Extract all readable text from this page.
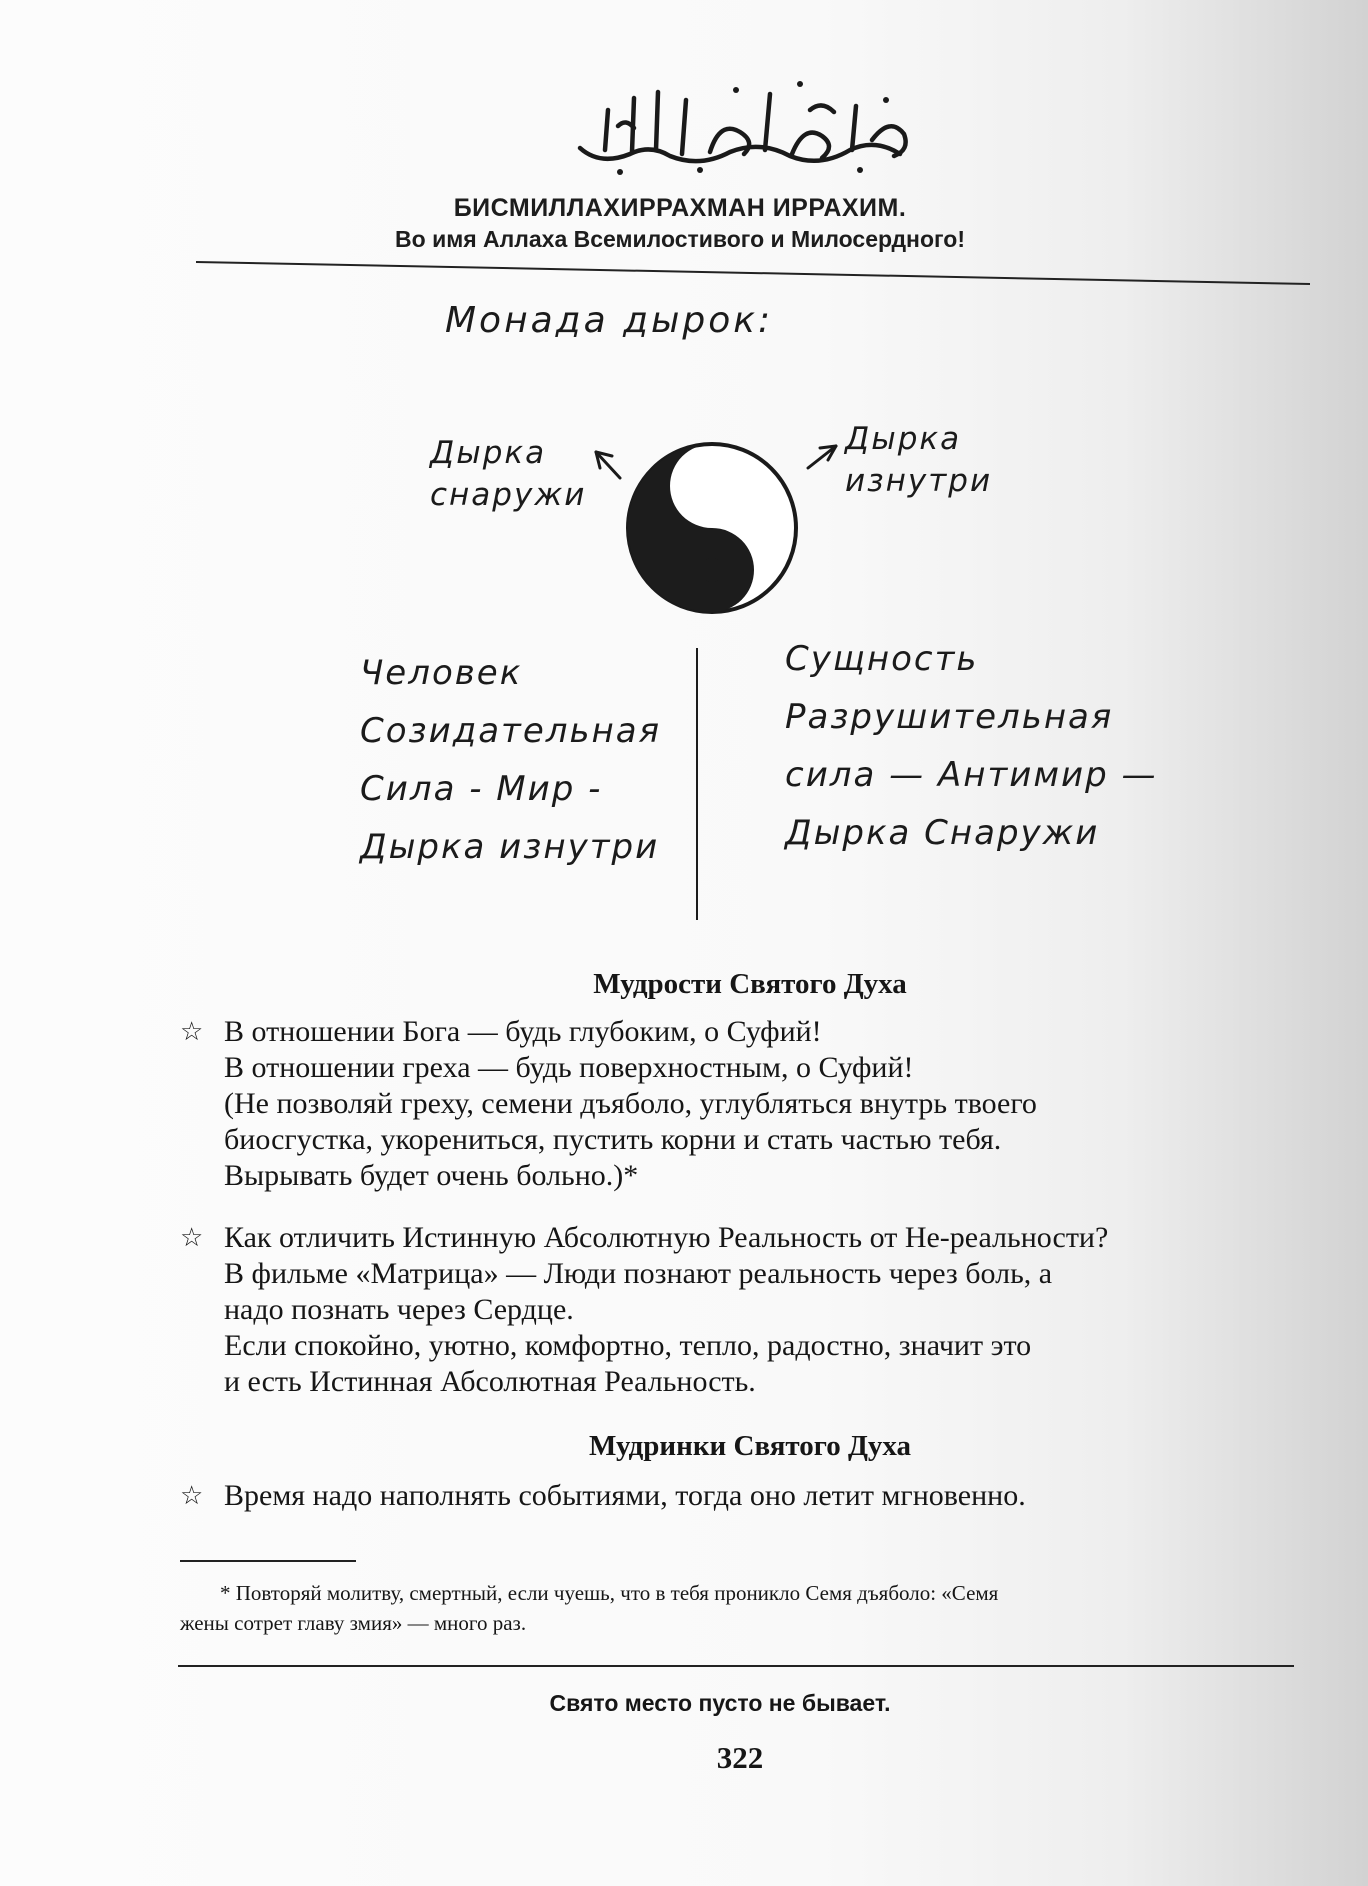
БИСМИЛЛАХИРРАХМАН ИРРАХИМ.
Во имя Аллаха Всемилостивого и Милосердного!
Монада дырок:
Дырка
снаружи
Дырка
изнутри
Человек
Созидательная
Сила - Мир -
Дырка изнутри
Сущность
Разрушительная
сила — Антимир —
Дырка Снаружи
Мудрости Святого Духа
☆ В отношении Бога — будь глубоким, о Суфий!
В отношении греха — будь поверхностным, о Суфий!
(Не позволяй греху, семени дъяболо, углубляться внутрь твоего
биосгустка, укорениться, пустить корни и стать частью тебя.
Вырывать будет очень больно.)*
☆ Как отличить Истинную Абсолютную Реальность от Не-реальности?
В фильме «Матрица» — Люди познают реальность через боль, а
надо познать через Сердце.
Если спокойно, уютно, комфортно, тепло, радостно, значит это
и есть Истинная Абсолютная Реальность.
Мудринки Святого Духа
☆ Время надо наполнять событиями, тогда оно летит мгновенно.
* Повторяй молитву, смертный, если чуешь, что в тебя проникло Семя дъяболо: «Семя
жены сотрет главу змия» — много раз.
Свято место пусто не бывает.
322
